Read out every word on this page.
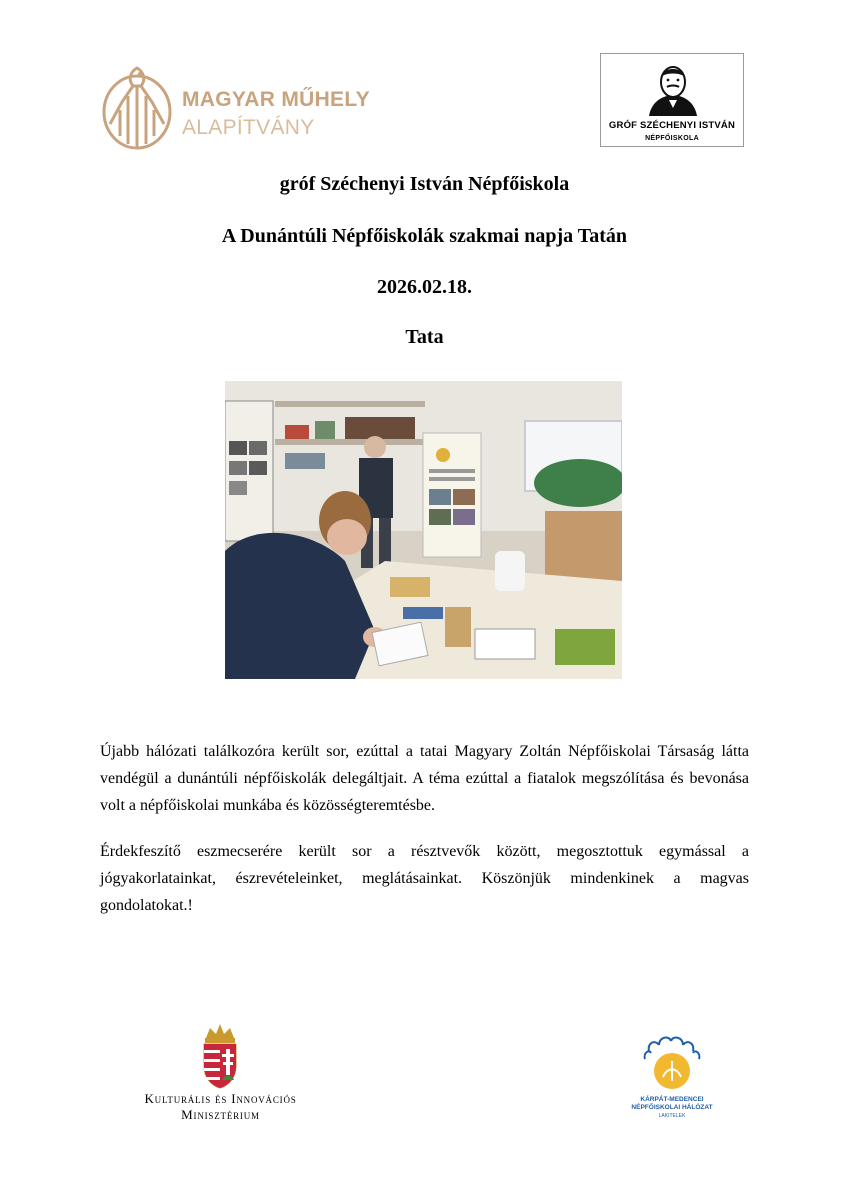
MAGYAR MŰHELY
ALAPÍTVÁNY	GRÓF SZÉCHENYI ISTVÁN
NÉPFŐISKOLA
gróf Széchenyi István Népfőiskola
A Dunántúli Népfőiskolák szakmai napja Tatán
2026.02.18.
Tata
Újabb hálózati találkozóra került sor, ezúttal a tatai Magyary Zoltán Népfőiskolai Társaság látta vendégül a dunántúli népfőiskolák delegáltjait. A téma ezúttal a fiatalok megszólítása és bevonása volt a népfőiskolai munkába és közösségteremtésbe.
Érdekfeszítő eszmecserére került sor a résztvevők között, megosztottuk egymással a jógyakorlatainkat, észrevételeinket, meglátásainkat. Köszönjük mindenkinek a magvas gondolatokat.!
Kulturális és Innovációs
Minisztérium
KÁRPÁT-MEDENCEI
NÉPFŐISKOLAI HÁLÓZAT
LAKITELEK
